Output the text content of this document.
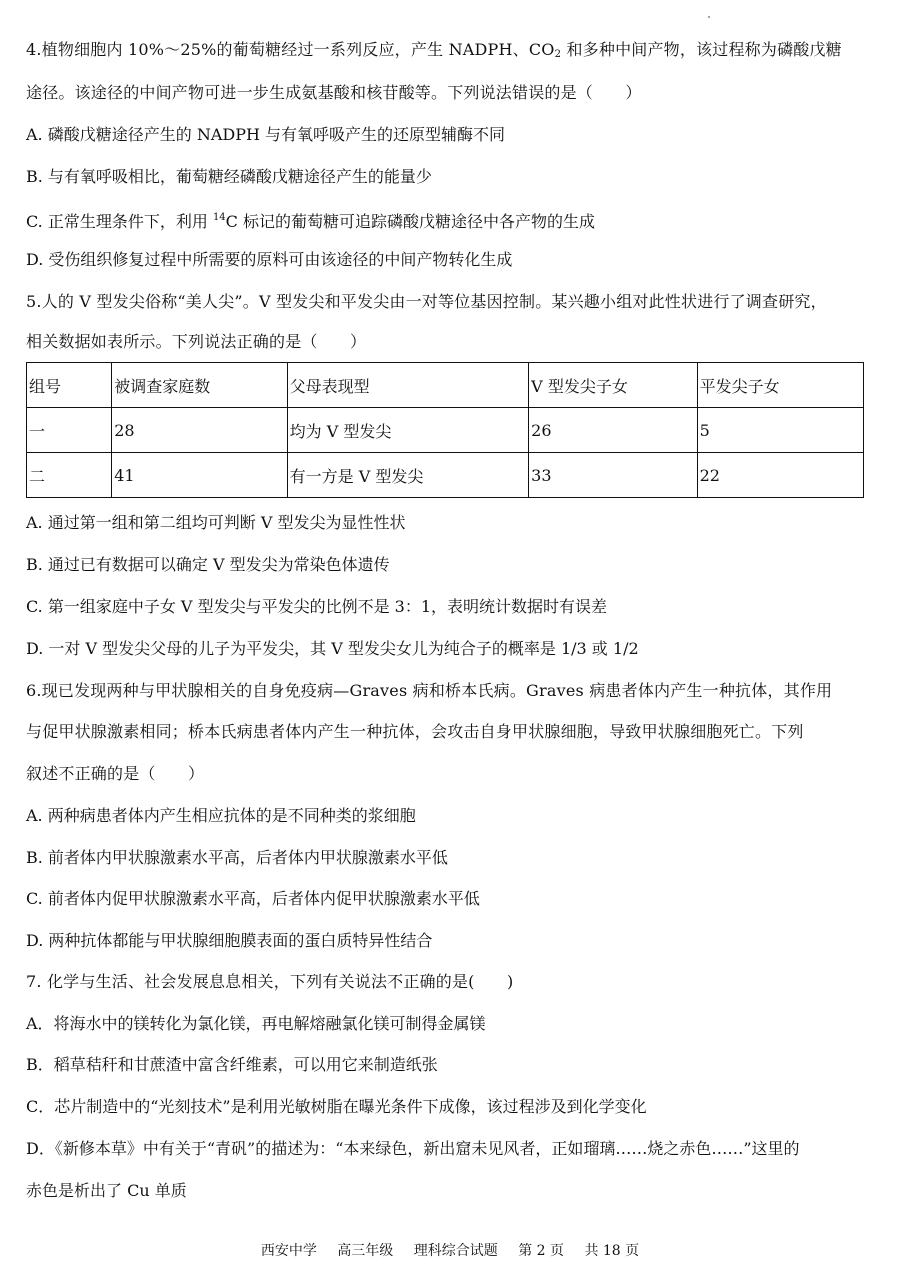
4.植物细胞内 10%～25%的葡萄糖经过一系列反应，产生 NADPH、$CO_2$ 和多种中间产物，该过程称为磷酸戊糖
途径。该途径的中间产物可进一步生成氨基酸和核苷酸等。下列说法错误的是（　　）
A. 磷酸戊糖途径产生的 NADPH 与有氧呼吸产生的还原型辅酶不同
B. 与有氧呼吸相比，葡萄糖经磷酸戊糖途径产生的能量少
C. 正常生理条件下，利用 $^{14}$C 标记的葡萄糖可追踪磷酸戊糖途径中各产物的生成
D. 受伤组织修复过程中所需要的原料可由该途径的中间产物转化生成
5.人的 V 型发尖俗称“美人尖”。V 型发尖和平发尖由一对等位基因控制。某兴趣小组对此性状进行了调查研究，
相关数据如表所示。下列说法正确的是（　　）
组号	被调查家庭数	父母表现型	V 型发尖子女	平发尖子女
一	28	均为 V 型发尖	26	5
二	41	有一方是 V 型发尖	33	22
A. 通过第一组和第二组均可判断 V 型发尖为显性性状
B. 通过已有数据可以确定 V 型发尖为常染色体遗传
C. 第一组家庭中子女 V 型发尖与平发尖的比例不是 3：1，表明统计数据时有误差
D. 一对 V 型发尖父母的儿子为平发尖，其 V 型发尖女儿为纯合子的概率是 1/3 或 1/2
6.现已发现两种与甲状腺相关的自身免疫病—Graves 病和桥本氏病。Graves 病患者体内产生一种抗体，其作用
与促甲状腺激素相同；桥本氏病患者体内产生一种抗体，会攻击自身甲状腺细胞，导致甲状腺细胞死亡。下列
叙述不正确的是（　　）
A. 两种病患者体内产生相应抗体的是不同种类的浆细胞
B. 前者体内甲状腺激素水平高，后者体内甲状腺激素水平低
C. 前者体内促甲状腺激素水平高，后者体内促甲状腺激素水平低
D. 两种抗体都能与甲状腺细胞膜表面的蛋白质特异性结合
7. 化学与生活、社会发展息息相关，下列有关说法不正确的是(　　)
A．将海水中的镁转化为氯化镁，再电解熔融氯化镁可制得金属镁
B．稻草秸秆和甘蔗渣中富含纤维素，可以用它来制造纸张
C．芯片制造中的“光刻技术”是利用光敏树脂在曝光条件下成像，该过程涉及到化学变化
D．《新修本草》中有关于“青矾”的描述为：“本来绿色，新出窟未见风者，正如瑠璃……烧之赤色……”这里的
赤色是析出了 Cu 单质
西安中学 高三年级 理科综合试题 第 2 页 共 18 页
